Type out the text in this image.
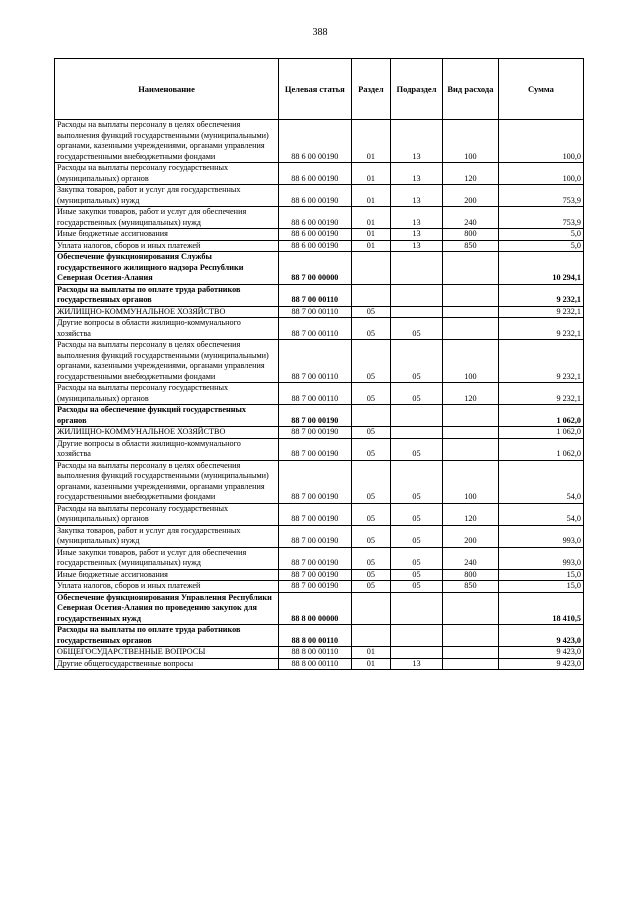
388
Наименование	Целевая статья	Раздел	Подраздел	Вид расхода	Сумма
Расходы на выплаты персоналу в целях обеспечения выполнения функций государственными (муниципальными) органами, казенными учреждениями, органами управления государственными внебюджетными фондами	88 6 00 00190	01	13	100	100,0
Расходы на выплаты персоналу государственных (муниципальных) органов	88 6 00 00190	01	13	120	100,0
Закупка товаров, работ и услуг для государственных (муниципальных) нужд	88 6 00 00190	01	13	200	753,9
Иные закупки товаров, работ и услуг для обеспечения государственных (муниципальных) нужд	88 6 00 00190	01	13	240	753,9
Иные бюджетные ассигнования	88 6 00 00190	01	13	800	5,0
Уплата налогов, сборов и иных платежей	88 6 00 00190	01	13	850	5,0
Обеспечение функционирования Службы государственного жилищного надзора Республики Северная Осетия-Алания	88 7 00 00000				10 294,1
Расходы на выплаты по оплате труда работников государственных органов	88 7 00 00110				9 232,1
ЖИЛИЩНО-КОММУНАЛЬНОЕ ХОЗЯЙСТВО	88 7 00 00110	05			9 232,1
Другие вопросы в области жилищно-коммунального хозяйства	88 7 00 00110	05	05		9 232,1
Расходы на выплаты персоналу в целях обеспечения выполнения функций государственными (муниципальными) органами, казенными учреждениями, органами управления государственными внебюджетными фондами	88 7 00 00110	05	05	100	9 232,1
Расходы на выплаты персоналу государственных (муниципальных) органов	88 7 00 00110	05	05	120	9 232,1
Расходы на обеспечение функций государственных органов	88 7 00 00190				1 062,0
ЖИЛИЩНО-КОММУНАЛЬНОЕ ХОЗЯЙСТВО	88 7 00 00190	05			1 062,0
Другие вопросы в области жилищно-коммунального хозяйства	88 7 00 00190	05	05		1 062,0
Расходы на выплаты персоналу в целях обеспечения выполнения функций государственными (муниципальными) органами, казенными учреждениями, органами управления государственными внебюджетными фондами	88 7 00 00190	05	05	100	54,0
Расходы на выплаты персоналу государственных (муниципальных) органов	88 7 00 00190	05	05	120	54,0
Закупка товаров, работ и услуг для государственных (муниципальных) нужд	88 7 00 00190	05	05	200	993,0
Иные закупки товаров, работ и услуг для обеспечения государственных (муниципальных) нужд	88 7 00 00190	05	05	240	993,0
Иные бюджетные ассигнования	88 7 00 00190	05	05	800	15,0
Уплата налогов, сборов и иных платежей	88 7 00 00190	05	05	850	15,0
Обеспечение функционирования Управления Республики Северная Осетия-Алания по проведению закупок для государственных нужд	88 8 00 00000				18 410,5
Расходы на выплаты по оплате труда работников государственных органов	88 8 00 00110				9 423,0
ОБЩЕГОСУДАРСТВЕННЫЕ ВОПРОСЫ	88 8 00 00110	01			9 423,0
Другие общегосударственные вопросы	88 8 00 00110	01	13		9 423,0
